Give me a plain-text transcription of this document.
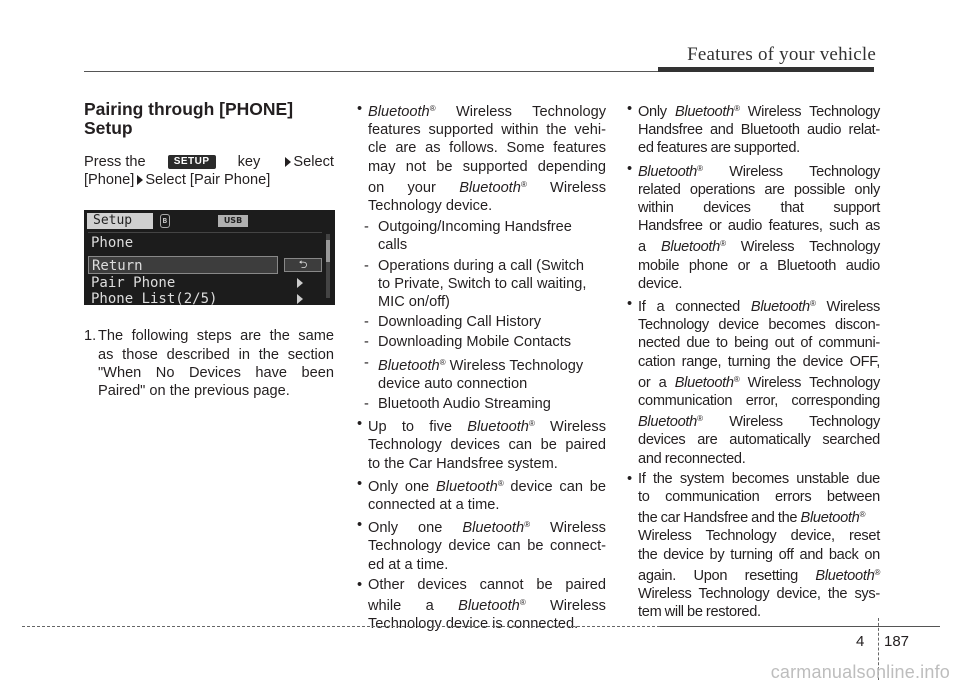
Features of your vehicle
Pairing through [PHONE]
Setup

Press the	SETUP	key	Select

[Phone] Select [Pair Phone]

Setup	ʙ	USB
Phone
Return	⮌
Pair Phone
Phone List(2/5)
1. The following steps are the same

as those described in the section

"When No Devices have been

Paired" on the previous page.

• Bluetooth® Wireless Technology

features supported within the vehi-

cle are as follows. Some features

may not be supported depending

on your Bluetooth® Wireless

Technology device.

- Outgoing/Incoming Handsfree

calls

- Operations during a call (Switch

to Private, Switch to call waiting,

MIC on/off)

- Downloading Call History

- Downloading Mobile Contacts

- Bluetooth® Wireless Technology

device auto connection

- Bluetooth Audio Streaming

• Up to five Bluetooth® Wireless

Technology devices can be paired

to the Car Handsfree system.

• Only one Bluetooth® device can be

connected at a time.

• Only one Bluetooth® Wireless

Technology device can be connect-

ed at a time.

• Other devices cannot be paired

while a Bluetooth® Wireless

Technology device is connected.

• Only Bluetooth® Wireless Technology

Handsfree and Bluetooth audio relat-

ed features are supported.

• Bluetooth® Wireless Technology

related operations are possible only

within devices that support

Handsfree or audio features, such as

a Bluetooth® Wireless Technology

mobile phone or a Bluetooth audio

device.

• If a connected Bluetooth® Wireless

Technology device becomes discon-

nected due to being out of communi-

cation range, turning the device OFF,

or a Bluetooth® Wireless Technology

communication error, corresponding

Bluetooth® Wireless Technology

devices are automatically searched

and reconnected.

• If the system becomes unstable due

to communication errors between

the car Handsfree and the Bluetooth®

Wireless Technology device, reset

the device by turning off and back on

again. Upon resetting Bluetooth®

Wireless Technology device, the sys-

tem will be restored.

4 187
carmanualsonline.info
